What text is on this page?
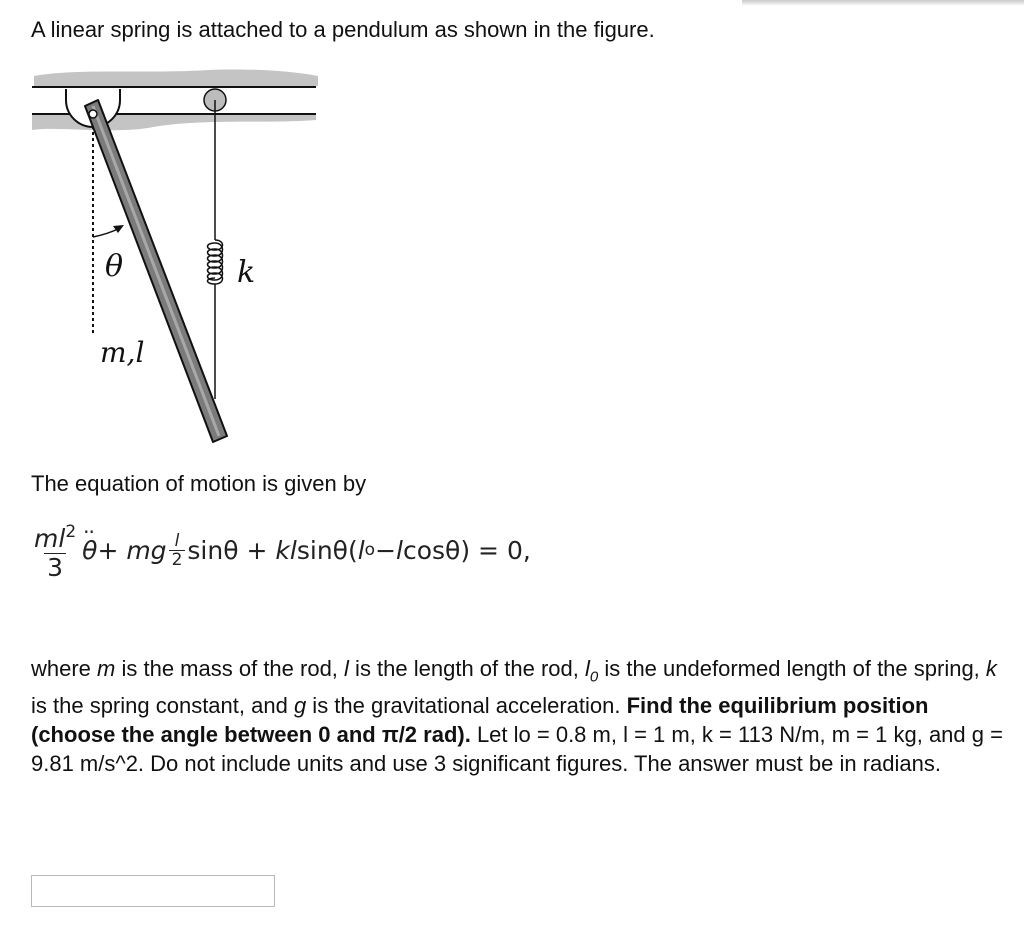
A linear spring is attached to a pendulum as shown in the figure.

θ
m,l
k

The equation of motion is given by

$\frac{ml^2}{3}$
·· θ + mg $\frac{l}{2}$ sinθ + k l sinθ( l o − l cosθ) = 0,

where m is the mass of the rod, l is the length of the rod, $l_0$ is the undeformed length of the spring, k is the spring constant, and g is the gravitational acceleration. Find the equilibrium position (choose the angle between 0 and π/2 rad). Let lo = 0.8 m, l = 1 m, k = 113 N/m, m = 1 kg, and g = 9.81 m/s^2. Do not include units and use 3 significant figures. The answer must be in radians.
